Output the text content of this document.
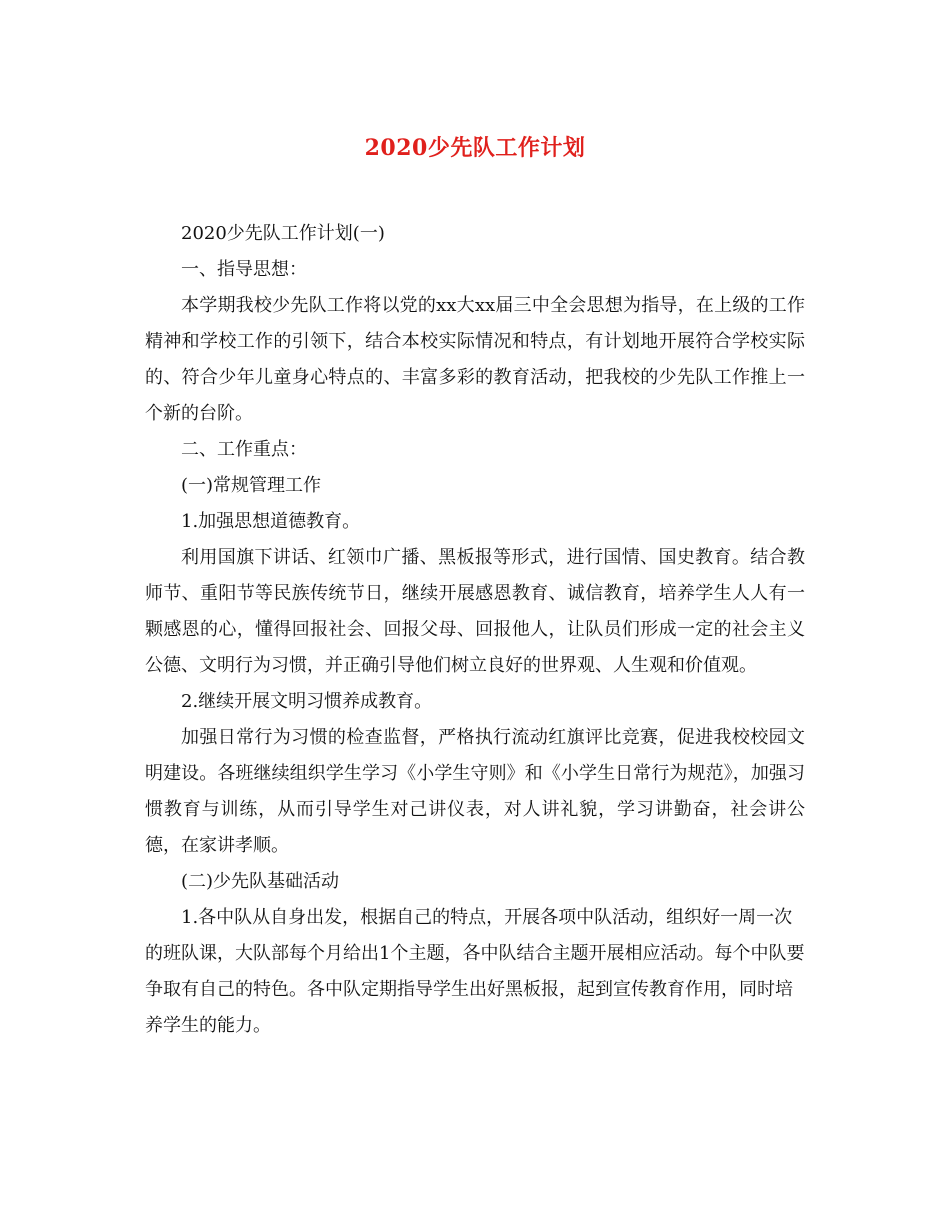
2020少先队工作计划

2020少先队工作计划(一)

一、指导思想：

本学期我校少先队工作将以党的xx大xx届三中全会思想为指导，在上级的工作精神和学校工作的引领下，结合本校实际情况和特点，有计划地开展符合学校实际的、符合少年儿童身心特点的、丰富多彩的教育活动，把我校的少先队工作推上一个新的台阶。

二、工作重点：

(一)常规管理工作

1.加强思想道德教育。

利用国旗下讲话、红领巾广播、黑板报等形式，进行国情、国史教育。结合教师节、重阳节等民族传统节日，继续开展感恩教育、诚信教育，培养学生人人有一颗感恩的心，懂得回报社会、回报父母、回报他人，让队员们形成一定的社会主义公德、文明行为习惯，并正确引导他们树立良好的世界观、人生观和价值观。

2.继续开展文明习惯养成教育。

加强日常行为习惯的检查监督，严格执行流动红旗评比竞赛，促进我校校园文明建设。各班继续组织学生学习《小学生守则》和《小学生日常行为规范》，加强习惯教育与训练，从而引导学生对己讲仪表，对人讲礼貌，学习讲勤奋，社会讲公德，在家讲孝顺。

(二)少先队基础活动

1.各中队从自身出发，根据自己的特点，开展各项中队活动，组织好一周一次的班队课，大队部每个月给出1个主题，各中队结合主题开展相应活动。每个中队要争取有自己的特色。各中队定期指导学生出好黑板报，起到宣传教育作用，同时培养学生的能力。
